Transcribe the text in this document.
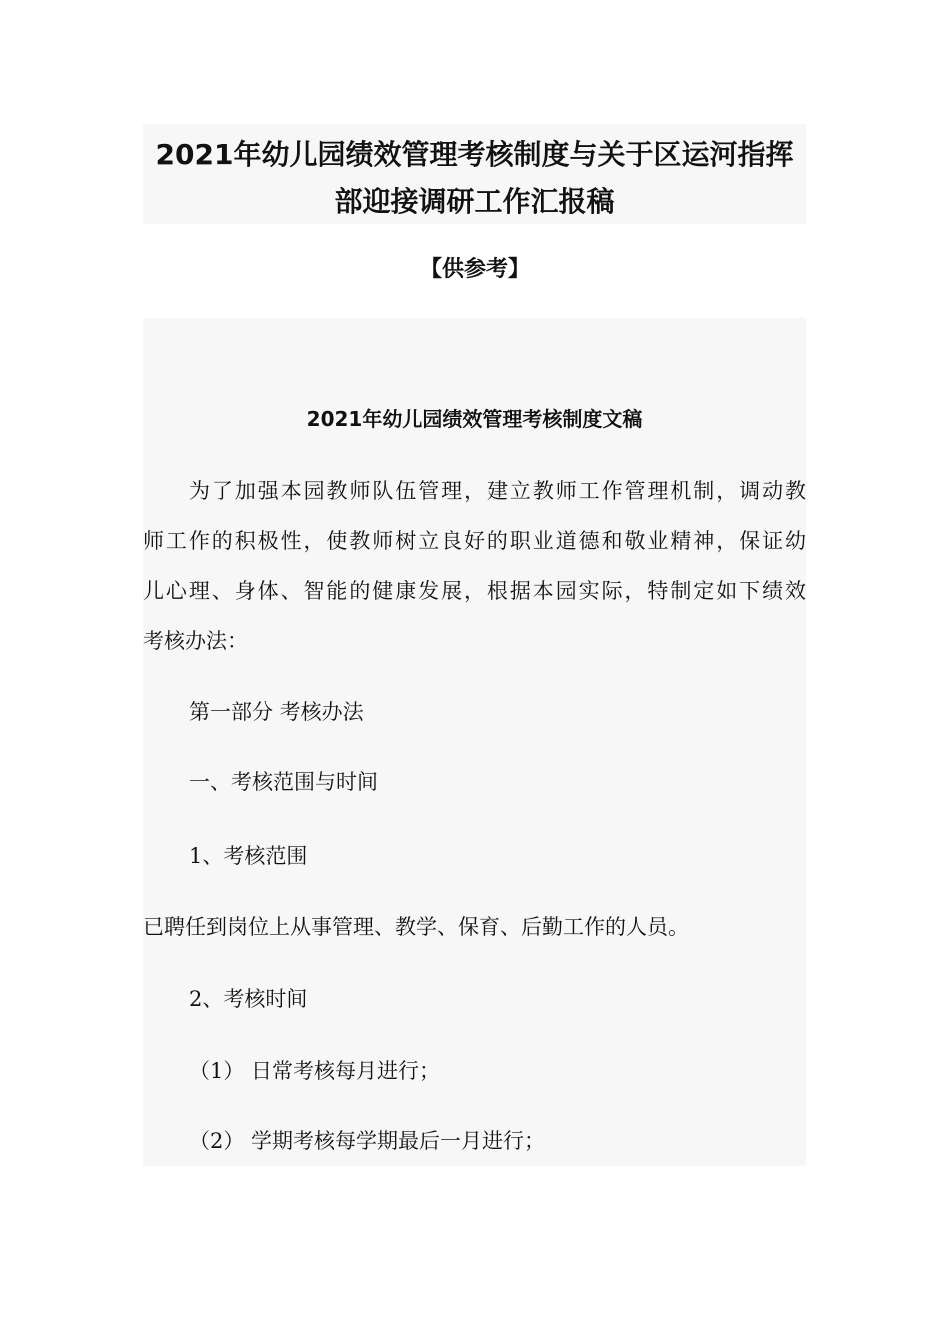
2021年幼儿园绩效管理考核制度与关于区运河指挥
部迎接调研工作汇报稿
【供参考】
2021年幼儿园绩效管理考核制度文稿
为了加强本园教师队伍管理，建立教师工作管理机制，调动教
师工作的积极性，使教师树立良好的职业道德和敬业精神，保证幼
儿心理、身体、智能的健康发展，根据本园实际，特制定如下绩效
考核办法：
第一部分 考核办法
一、考核范围与时间
1、考核范围
已聘任到岗位上从事管理、教学、保育、后勤工作的人员。
2、考核时间
（1） 日常考核每月进行；
（2） 学期考核每学期最后一月进行；
